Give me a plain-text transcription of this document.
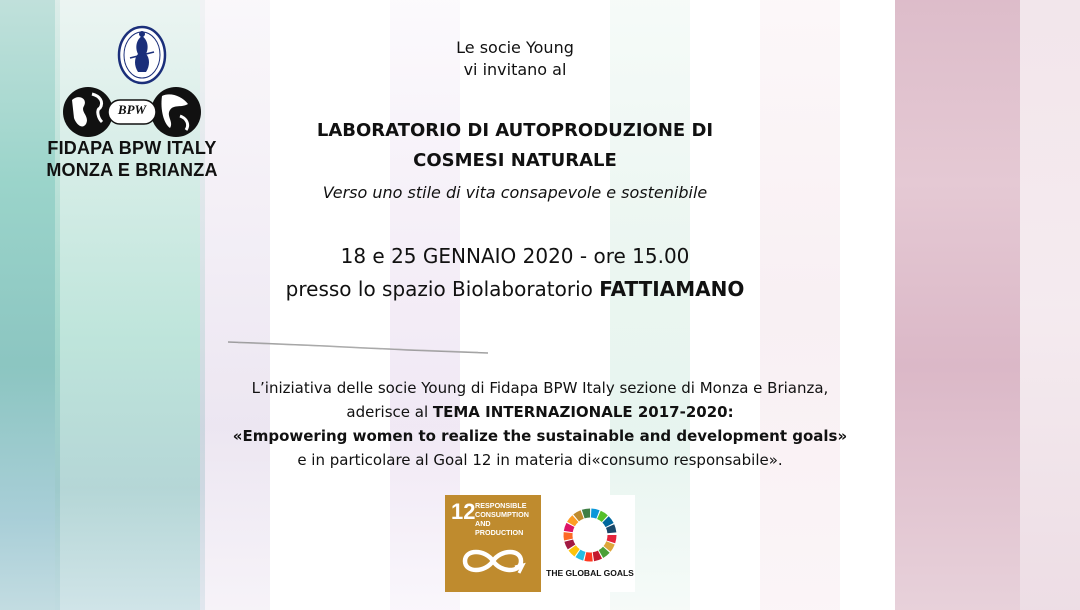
BPW
FIDAPA BPW ITALY
MONZA E BRIANZA
Le socie Young
vi invitano al
LABORATORIO DI AUTOPRODUZIONE DI
COSMESI NATURALE
Verso uno stile di vita consapevole e sostenibile
18 e 25 GENNAIO 2020 - ore 15.00
presso lo spazio Biolaboratorio FATTIAMANO
L’iniziativa delle socie Young di Fidapa BPW Italy sezione di Monza e Brianza,
aderisce al TEMA INTERNAZIONALE 2017-2020:
«Empowering women to realize the sustainable and development goals»
e in particolare al Goal 12 in materia di«consumo responsabile».
12 RESPONSIBLE
CONSUMPTION
AND PRODUCTION
THE GLOBAL GOALS
